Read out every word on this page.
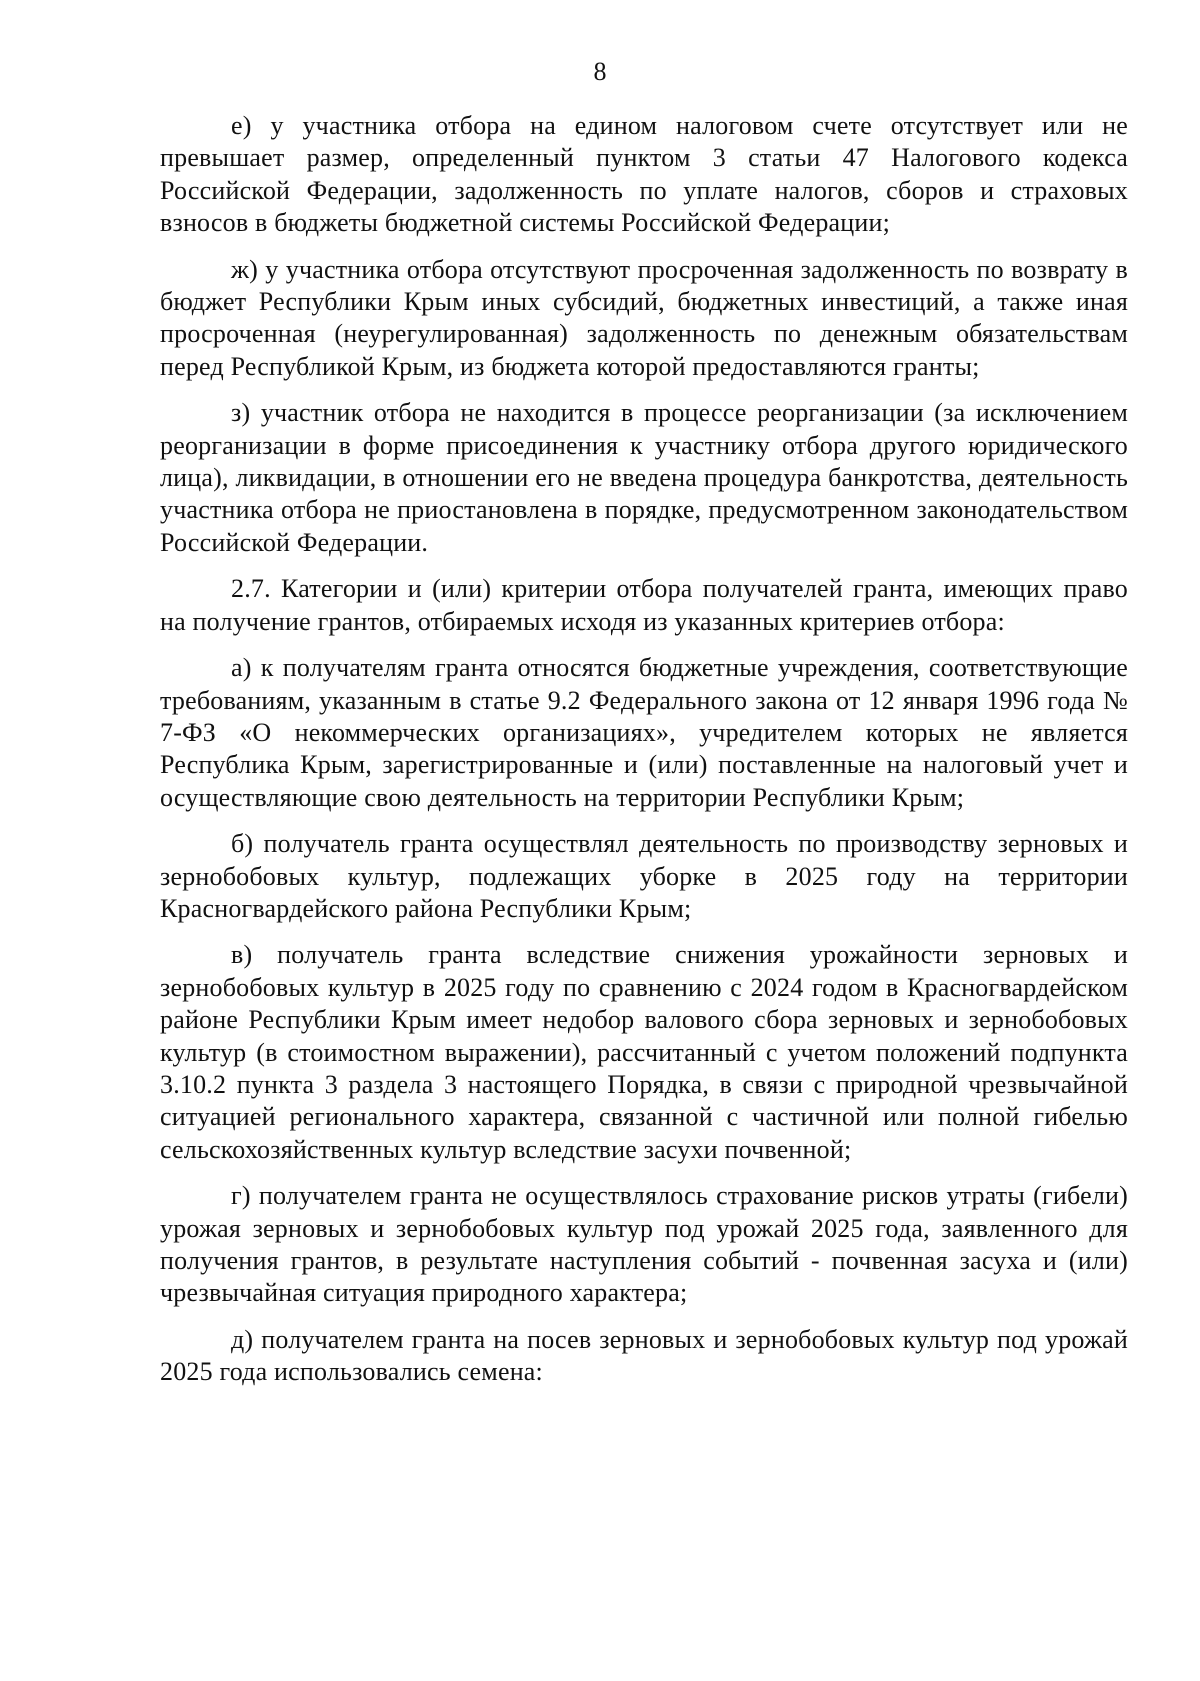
8

е) у участника отбора на едином налоговом счете отсутствует или не превышает размер, определенный пунктом 3 статьи 47 Налогового кодекса Российской Федерации, задолженность по уплате налогов, сборов и страховых взносов в бюджеты бюджетной системы Российской Федерации;

ж) у участника отбора отсутствуют просроченная задолженность по возврату в бюджет Республики Крым иных субсидий, бюджетных инвестиций, а также иная просроченная (неурегулированная) задолженность по денежным обязательствам перед Республикой Крым, из бюджета которой предоставляются гранты;

з) участник отбора не находится в процессе реорганизации (за исключением реорганизации в форме присоединения к участнику отбора другого юридического лица), ликвидации, в отношении его не введена процедура банкротства, деятельность участника отбора не приостановлена в порядке, предусмотренном законодательством Российской Федерации.

2.7. Категории и (или) критерии отбора получателей гранта, имеющих право на получение грантов, отбираемых исходя из указанных критериев отбора:

а) к получателям гранта относятся бюджетные учреждения, соответствующие требованиям, указанным в статье 9.2 Федерального закона от 12 января 1996 года № 7-ФЗ «О некоммерческих организациях», учредителем которых не является Республика Крым, зарегистрированные и (или) поставленные на налоговый учет и осуществляющие свою деятельность на территории Республики Крым;

б) получатель гранта осуществлял деятельность по производству зерновых и зернобобовых культур, подлежащих уборке в 2025 году на территории Красногвардейского района Республики Крым;

в) получатель гранта вследствие снижения урожайности зерновых и зернобобовых культур в 2025 году по сравнению с 2024 годом в Красногвардейском районе Республики Крым имеет недобор валового сбора зерновых и зернобобовых культур (в стоимостном выражении), рассчитанный с учетом положений подпункта 3.10.2 пункта 3 раздела 3 настоящего Порядка, в связи с природной чрезвычайной ситуацией регионального характера, связанной с частичной или полной гибелью сельскохозяйственных культур вследствие засухи почвенной;

г) получателем гранта не осуществлялось страхование рисков утраты (гибели) урожая зерновых и зернобобовых культур под урожай 2025 года, заявленного для получения грантов, в результате наступления событий - почвенная засуха и (или) чрезвычайная ситуация природного характера;

д) получателем гранта на посев зерновых и зернобобовых культур под урожай 2025 года использовались семена:
